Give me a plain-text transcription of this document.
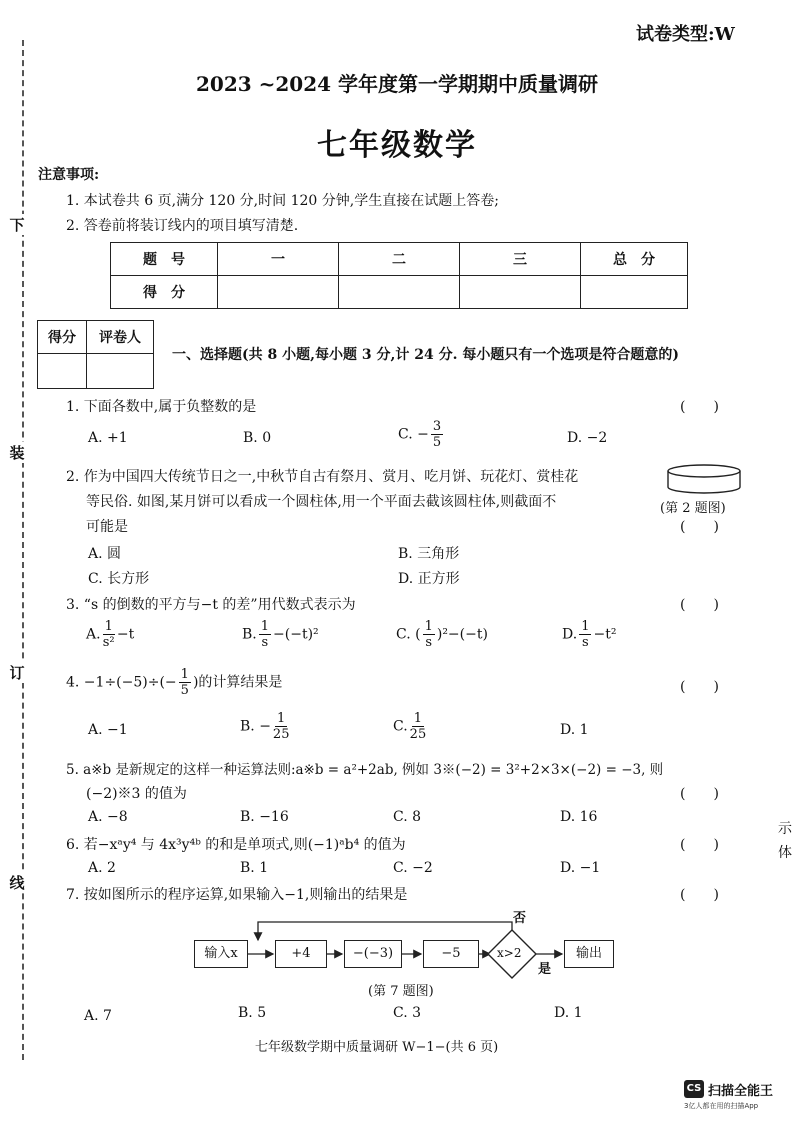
下
装
订
线
试卷类型:W
2023 ~2024 学年度第一学期期中质量调研
七年级数学
注意事项:
1. 本试卷共 6 页,满分 120 分,时间 120 分钟,学生直接在试题上答卷;
2. 答卷前将装订线内的项目填写清楚.
题　号	一	二	三	总　分
得　分				
得分	评卷人

一、选择题(共 8 小题,每小题 3 分,计 24 分. 每小题只有一个选项是符合题意的)
1. 下面各数中,属于负整数的是	(　　)
A. +1	B. 0	C. − $\frac{3}{5}$	D. −2
2. 作为中国四大传统节日之一,中秋节自古有祭月、赏月、吃月饼、玩花灯、赏桂花
等民俗. 如图,某月饼可以看成一个圆柱体,用一个平面去截该圆柱体,则截面不
可能是
(第 2 题图)
(　　)
A. 圆	B. 三角形
C. 长方形	D. 正方形
3. “s 的倒数的平方与−t 的差”用代数式表示为	(　　)
A. $\frac{1}{\text{s²}} -t$	B. $\frac{1}{s} -(-t)^2$	C. ( $\frac{1}{s} )^2-(-t)$	D. $\frac{1}{s} -t^2$
4. $-1\div(-5)\div(- \frac{1}{5}$ )的计算结果是	(　　)
A. −1	B. − $\frac{1}{25}$	C. $\frac{1}{25}$	D. 1
5. a※b 是新规定的这样一种运算法则:a※b = a²+2ab, 例如 3※(−2) = 3²+2×3×(−2) = −3, 则
(−2)※3 的值为	(　　)
A. −8	B. −16	C. 8	D. 16
6. 若−xᵃy⁴ 与 4x³y⁴ᵇ 的和是单项式,则(−1)ᵃb⁴ 的值为	(　　)
A. 2	B. 1	C. −2	D. −1
7. 按如图所示的程序运算,如果输入−1,则输出的结果是	(　　)
输入x	+4	−(−3)	−5	x>2
否
是
输出
(第 7 题图)
A. 7	B. 5	C. 3	D. 1
七年级数学期中质量调研 W−1−(共 6 页)
示
体
CS 扫描全能王
3亿人都在用的扫描App
